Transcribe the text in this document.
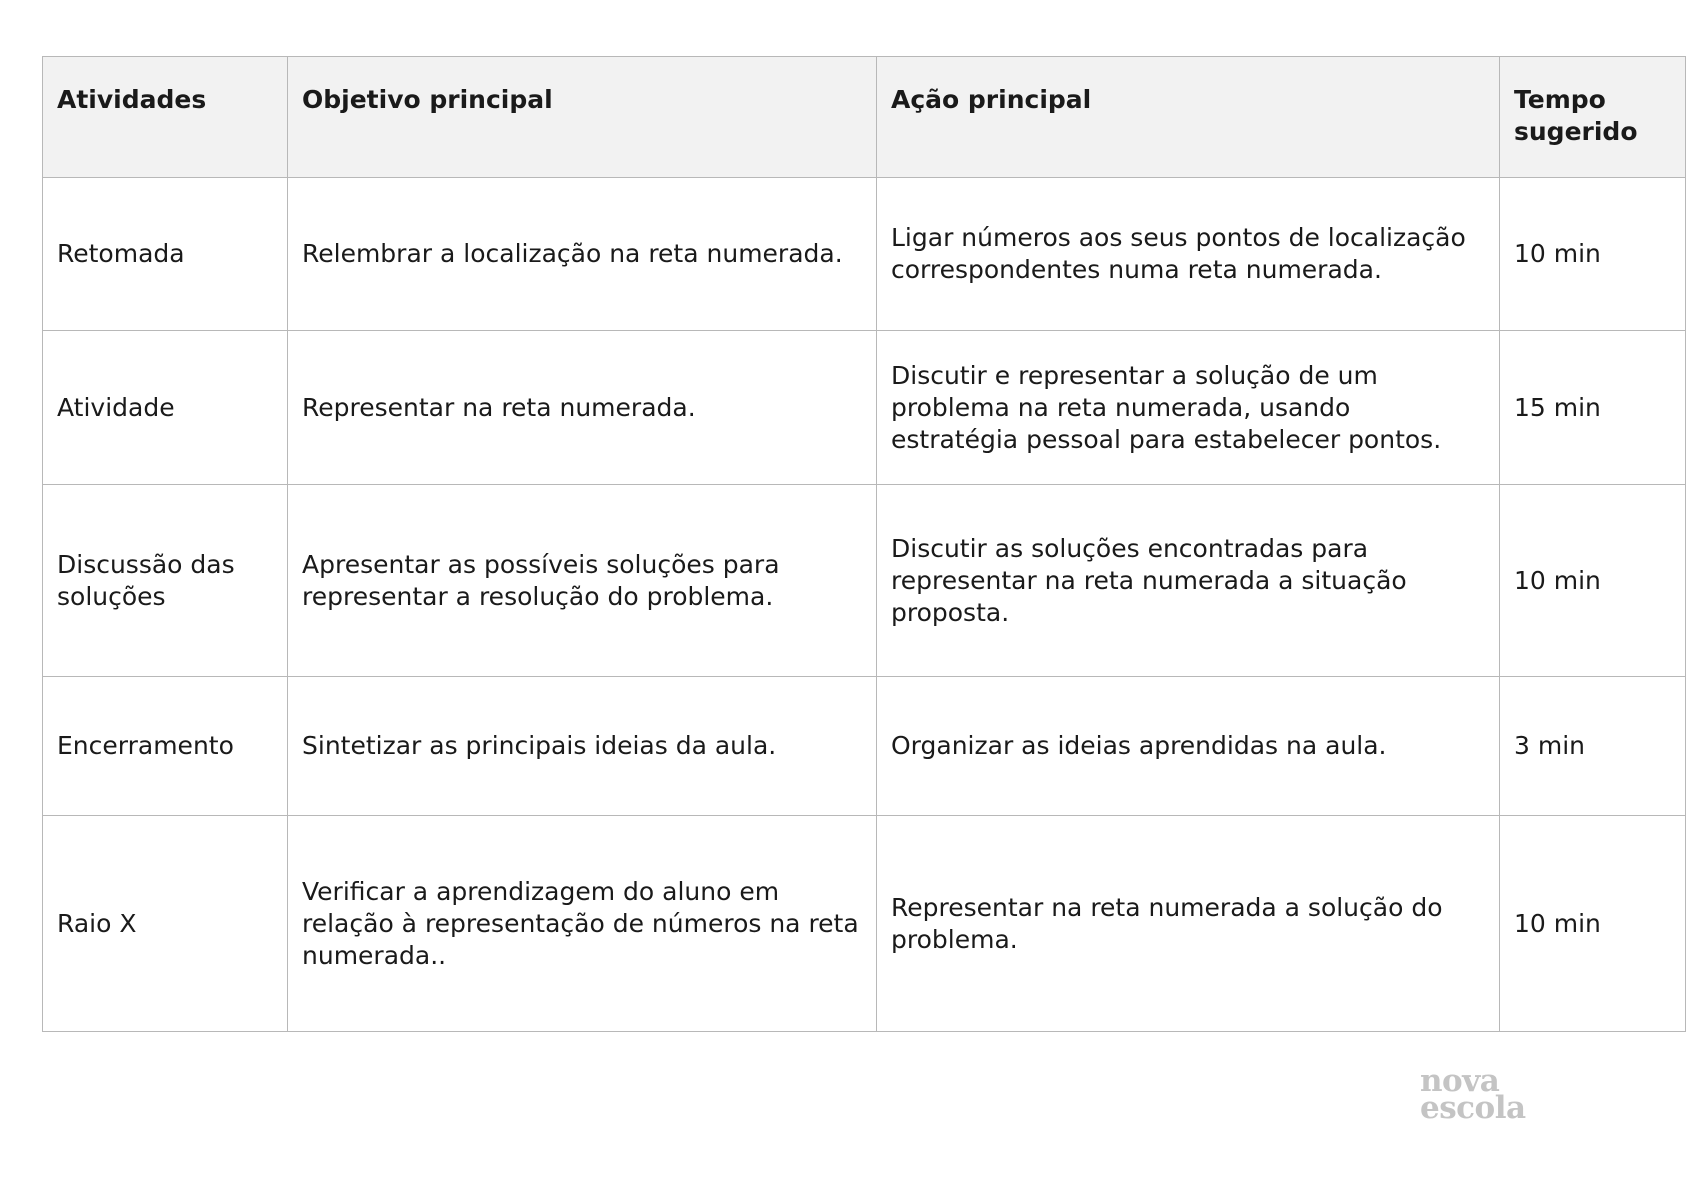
Atividades	Objetivo principal	Ação principal	Tempo sugerido
Retomada	Relembrar a localização na reta numerada.	Ligar números aos seus pontos de localização correspondentes numa reta numerada.	10 min
Atividade	Representar na reta numerada.	Discutir e representar a solução de um problema na reta numerada, usando estratégia pessoal para estabelecer pontos.	15 min
Discussão das soluções	Apresentar as possíveis soluções para representar a resolução do problema.	Discutir as soluções encontradas para representar na reta numerada a situação proposta.	10 min
Encerramento	Sintetizar as principais ideias da aula.	Organizar as ideias aprendidas na aula.	3 min
Raio X	Verificar a aprendizagem do aluno em relação à representação de números na reta numerada..	Representar na reta numerada a solução do problema.	10 min
nova
escola
